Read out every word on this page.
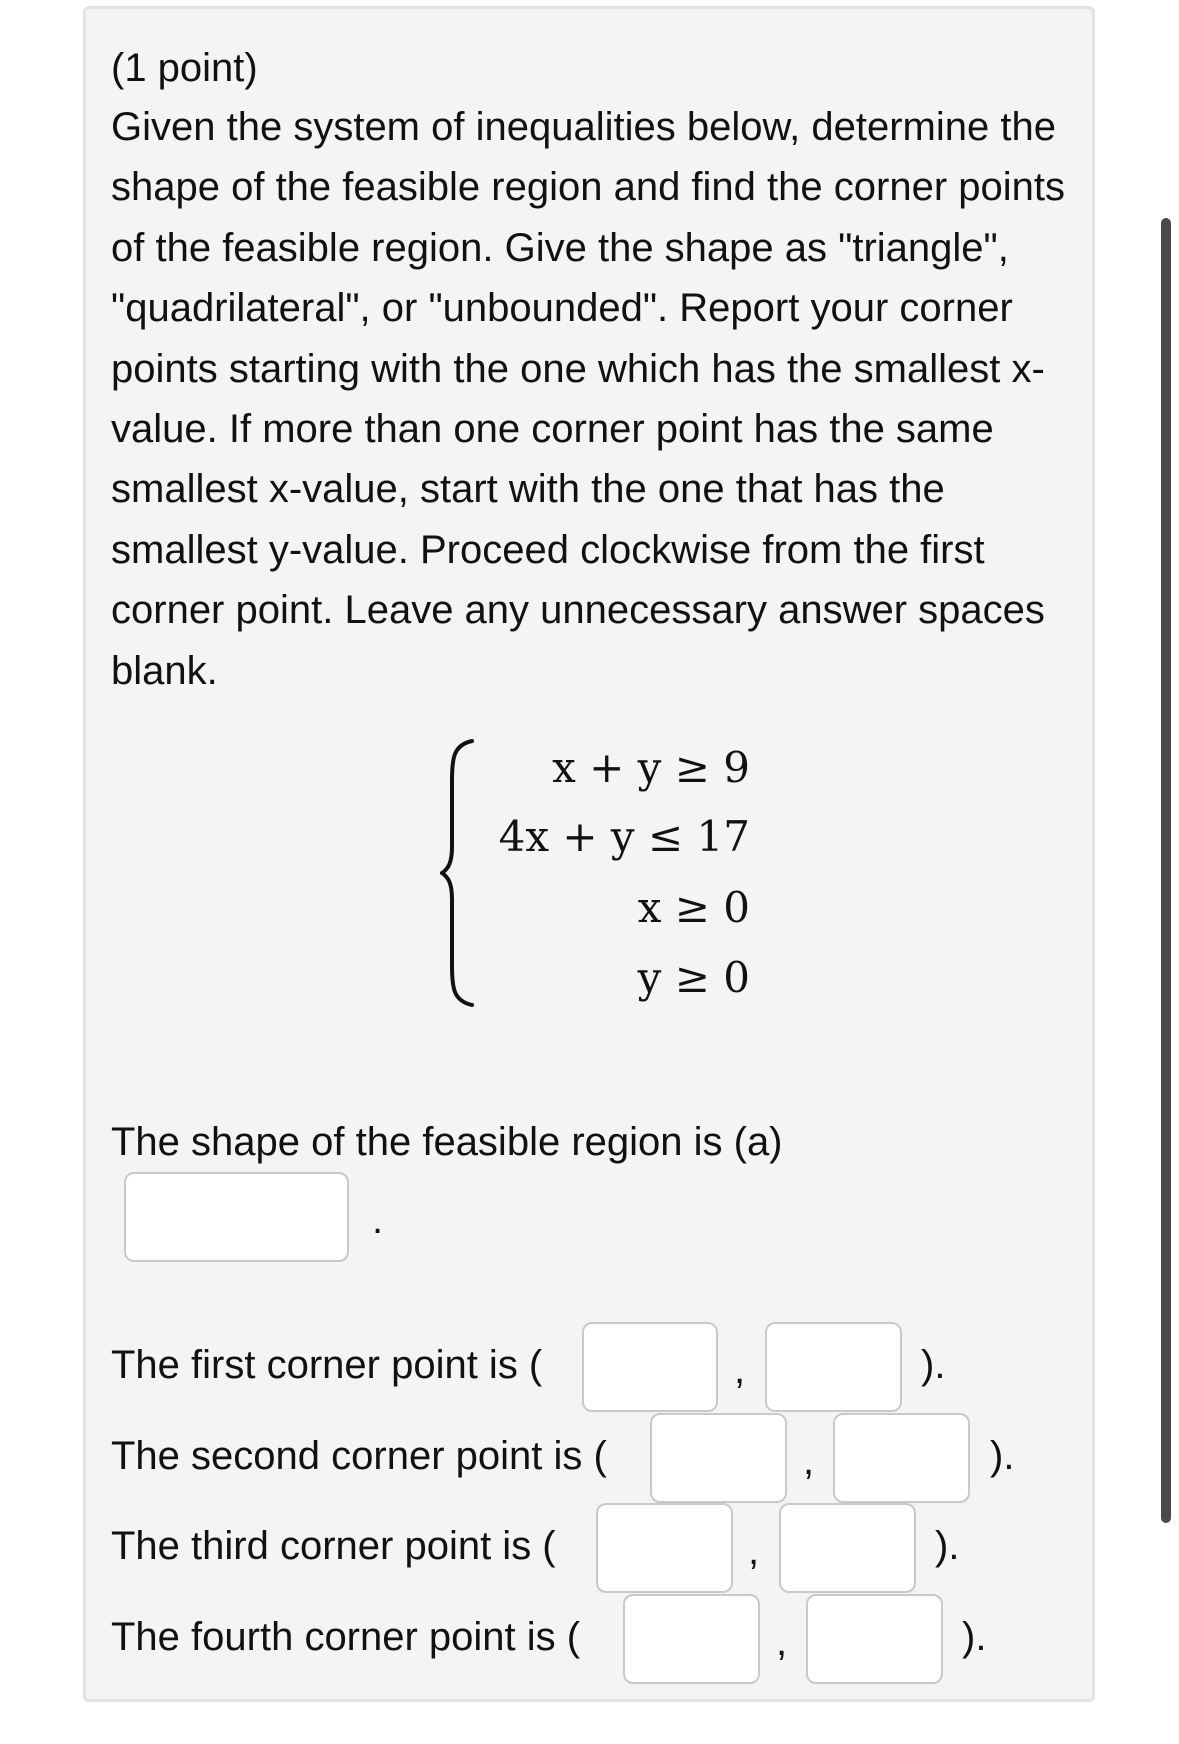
(1 point)

Given the system of inequalities below, determine the shape of the feasible region and find the corner points of the feasible region. Give the shape as "triangle", "quadrilateral", or "unbounded". Report your corner points starting with the one which has the smallest x-value. If more than one corner point has the same smallest x-value, start with the one that has the smallest y-value. Proceed clockwise from the first corner point. Leave any unnecessary answer spaces blank.

x + y ≥ 9
4x + y ≤ 17
x ≥ 0
y ≥ 0
The shape of the feasible region is (a)
.
The first corner point is (	,	).
The second corner point is (	,	).
The third corner point is (	,	).
The fourth corner point is (	,	).
